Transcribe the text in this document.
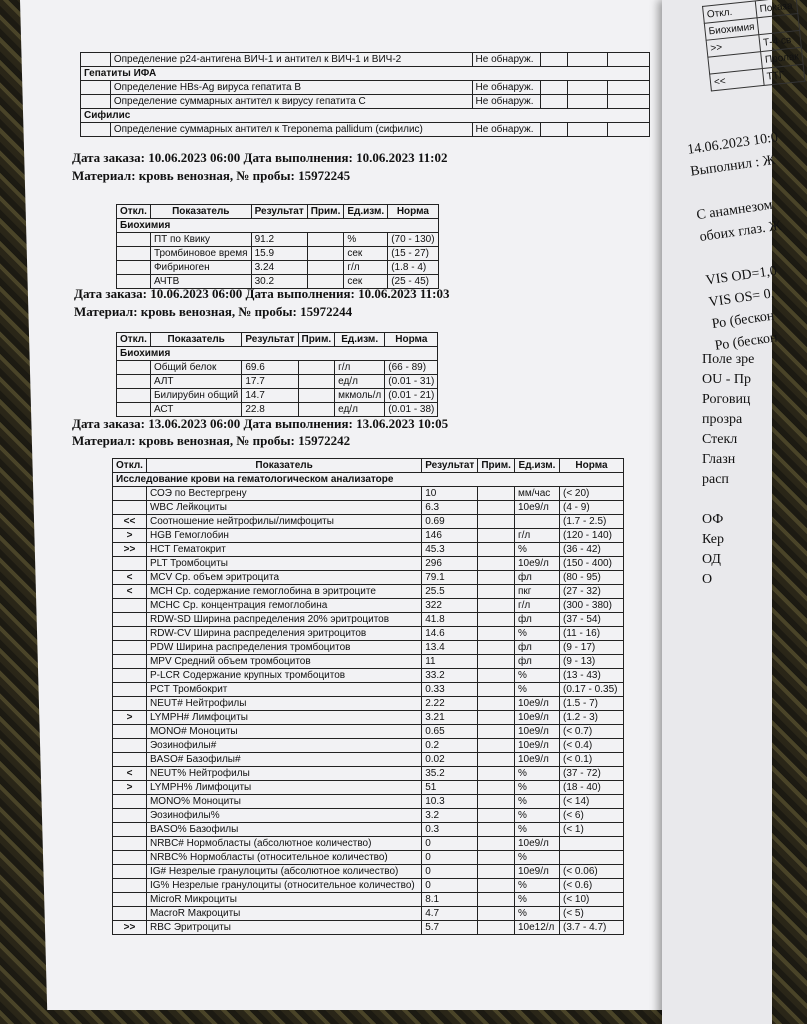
Откл.	Показа
Биохимия	
>>	Т-4 св
	Пролак
<<	ТТГ
14.06.2023 10:0
Выполнил : Ж

С анамнезом
обоих глаз. Ж

VIS OD=1,0
VIS OS= 0,
Ро (бескон
Ро (бескон
Поле зре
OU - Пр
Роговиц
прозра
Стекл
Глазн
расп

ОФ
Кер
ОД
О
	Определение р24-антигена ВИЧ-1 и антител к ВИЧ-1 и ВИЧ-2	Не обнаруж.			
Гепатиты ИФА					
	Определение HBs-Ag вируса гепатита В	Не обнаруж.			
	Определение суммарных антител к вирусу гепатита С	Не обнаруж.			
Сифилис					
	Определение суммарных антител к Treponema pallidum (сифилис)	Не обнаруж.			
Дата заказа: 10.06.2023 06:00 Дата выполнения: 10.06.2023 11:02
Материал: кровь венозная, № пробы: 15972245
Откл.	Показатель	Результат	Прим.	Ед.изм.	Норма
Биохимия					
	ПТ по Квику	91.2		%	(70 - 130)
	Тромбиновое время	15.9		сек	(15 - 27)
	Фибриноген	3.24		г/л	(1.8 - 4)
	АЧТВ	30.2		сек	(25 - 45)
Дата заказа: 10.06.2023 06:00 Дата выполнения: 10.06.2023 11:03
Материал: кровь венозная, № пробы: 15972244
Откл.	Показатель	Результат	Прим.	Ед.изм.	Норма
Биохимия					
	Общий белок	69.6		г/л	(66 - 89)
	АЛТ	17.7		ед/л	(0.01 - 31)
	Билирубин общий	14.7		мкмоль/л	(0.01 - 21)
	АСТ	22.8		ед/л	(0.01 - 38)
Дата заказа: 13.06.2023 06:00 Дата выполнения: 13.06.2023 10:05
Материал: кровь венозная, № пробы: 15972242
Откл.	Показатель	Результат	Прим.	Ед.изм.	Норма
Исследование крови на гематологическом анализаторе					
	СОЭ по Вестергрену	10		мм/час	(< 20)
	WBC Лейкоциты	6.3		10e9/л	(4 - 9)
<<	Соотношение нейтрофилы/лимфоциты	0.69			(1.7 - 2.5)
>	HGB Гемоглобин	146		г/л	(120 - 140)
>>	HCT Гематокрит	45.3		%	(36 - 42)
	PLT Тромбоциты	296		10e9/л	(150 - 400)
<	MCV Ср. объем эритроцита	79.1		фл	(80 - 95)
<	MCH Ср. содержание гемоглобина в эритроците	25.5		пкг	(27 - 32)
	MCHC Ср. концентрация гемоглобина	322		г/л	(300 - 380)
	RDW-SD Ширина распределения 20% эритроцитов	41.8		фл	(37 - 54)
	RDW-CV Ширина распределения эритроцитов	14.6		%	(11 - 16)
	PDW Ширина распределения тромбоцитов	13.4		фл	(9 - 17)
	MPV Средний объем тромбоцитов	11		фл	(9 - 13)
	P-LCR Содержание крупных тромбоцитов	33.2		%	(13 - 43)
	PCT Тромбокрит	0.33		%	(0.17 - 0.35)
	NEUT# Нейтрофилы	2.22		10e9/л	(1.5 - 7)
>	LYMPH# Лимфоциты	3.21		10e9/л	(1.2 - 3)
	MONO# Моноциты	0.65		10e9/л	(< 0.7)
	Эозинофилы#	0.2		10e9/л	(< 0.4)
	BASO# Базофилы#	0.02		10e9/л	(< 0.1)
<	NEUT% Нейтрофилы	35.2		%	(37 - 72)
>	LYMPH% Лимфоциты	51		%	(18 - 40)
	MONO% Моноциты	10.3		%	(< 14)
	Эозинофилы%	3.2		%	(< 6)
	BASO% Базофилы	0.3		%	(< 1)
	NRBC# Нормобласты (абсолютное количество)	0		10e9/л	
	NRBC% Нормобласты (относительное количество)	0		%	
	IG# Незрелые гранулоциты (абсолютное количество)	0		10e9/л	(< 0.06)
	IG% Незрелые гранулоциты (относительное количество)	0		%	(< 0.6)
	MicroR Микроциты	8.1		%	(< 10)
	MacroR Макроциты	4.7		%	(< 5)
>>	RBC Эритроциты	5.7		10e12/л	(3.7 - 4.7)
